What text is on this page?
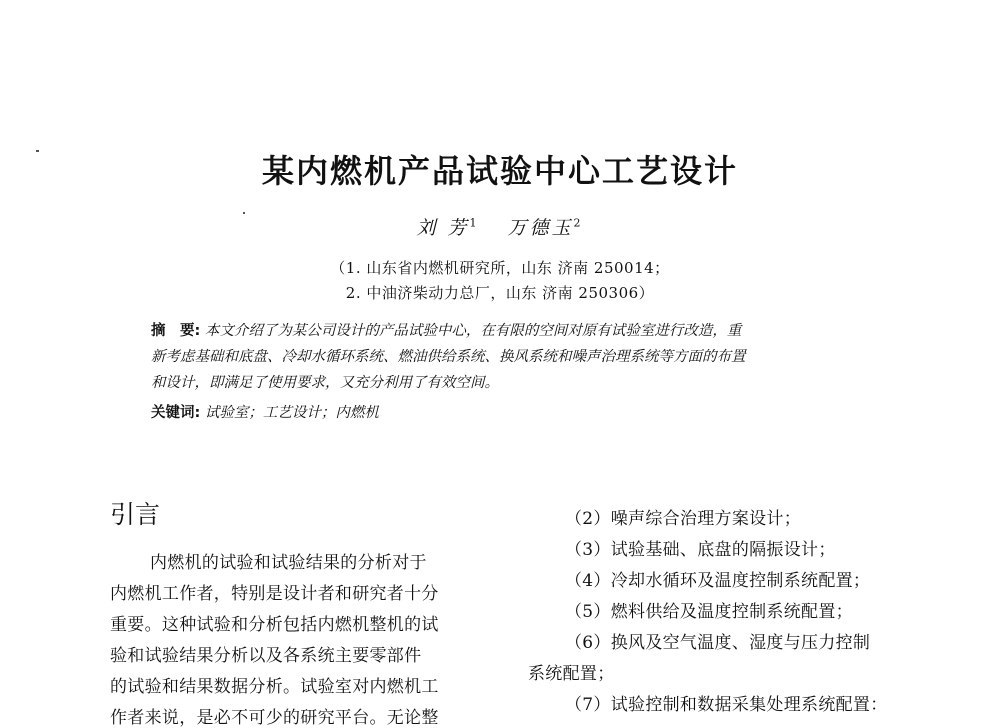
某内燃机产品试验中心工艺设计
刘 芳$^1$ 万德玉$^2$
（1. 山东省内燃机研究所，山东 济南 250014；
2. 中油济柴动力总厂，山东 济南 250306）
摘　要: 本文介绍了为某公司设计的产品试验中心，在有限的空间对原有试验室进行改造，重
新考虑基础和底盘、冷却水循环系统、燃油供给系统、换风系统和噪声治理系统等方面的布置
和设计，即满足了使用要求，又充分利用了有效空间。
关键词: 试验室；工艺设计；内燃机
引言
内燃机的试验和试验结果的分析对于
内燃机工作者，特别是设计者和研究者十分
重要。这种试验和分析包括内燃机整机的试
验和试验结果分析以及各系统主要零部件
的试验和结果数据分析。试验室对内燃机工
作者来说，是必不可少的研究平台。无论整
（2）噪声综合治理方案设计；
（3）试验基础、底盘的隔振设计；
（4）冷却水循环及温度控制系统配置；
（5）燃料供给及温度控制系统配置；
（6）换风及空气温度、湿度与压力控制
系统配置；
（7）试验控制和数据采集处理系统配置：
